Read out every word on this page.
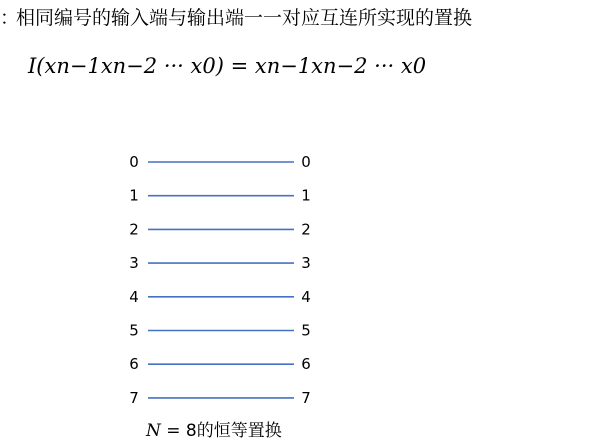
： 相同编号的输入端与输出端一一对应互连所实现的置换
I(xn−1xn−2 ··· x0) = xn−1xn−2 ··· x0
0	0
1	1
2	2
3	3
4	4
5	5
6	6
7	7
N = 8的恒等置换
